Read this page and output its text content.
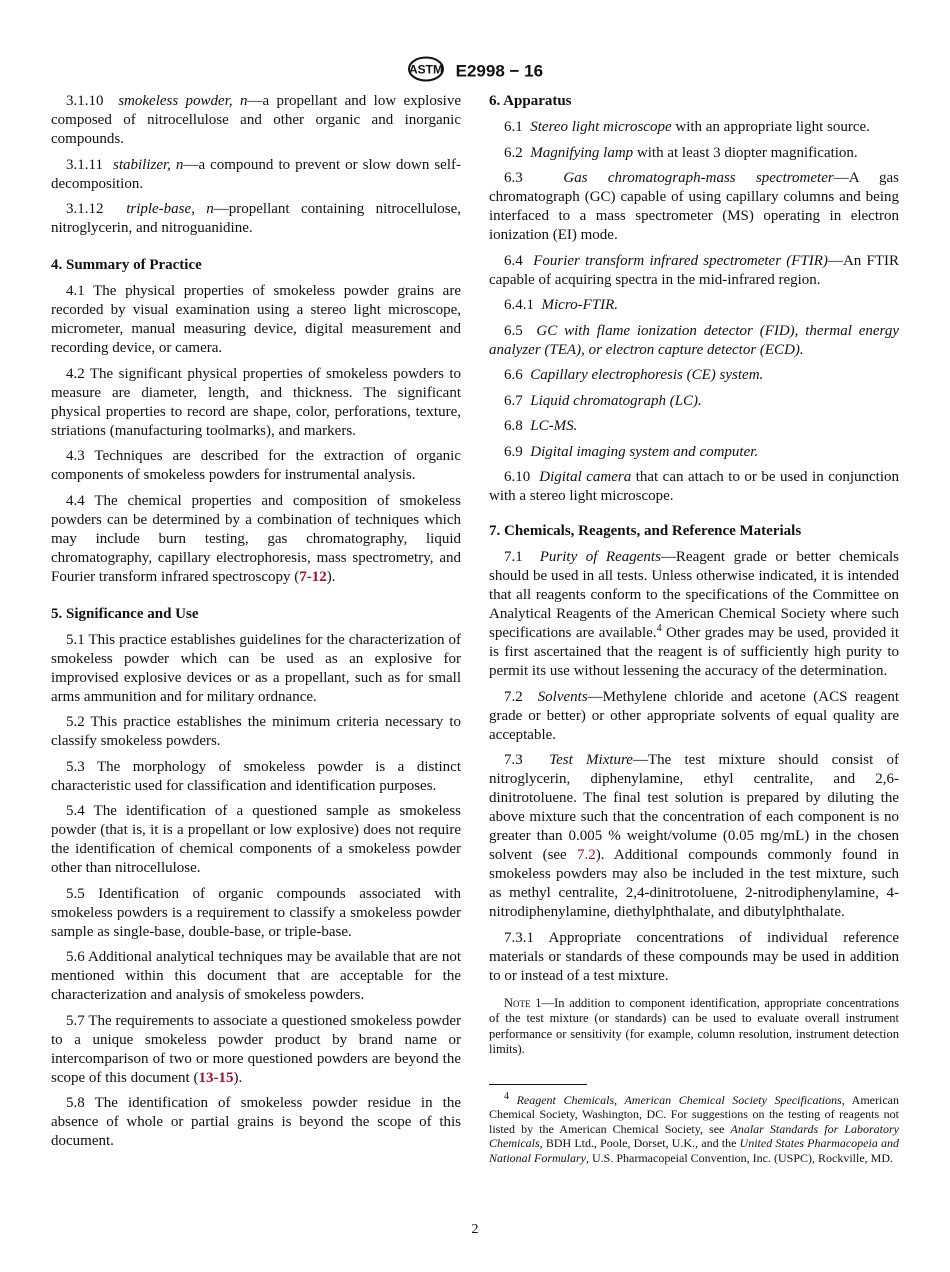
ASTM E2998 − 16

3.1.10 smokeless powder, n—a propellant and low explosive composed of nitrocellulose and other organic and inorganic compounds.

3.1.11 stabilizer, n—a compound to prevent or slow down self-decomposition.

3.1.12 triple-base, n—propellant containing nitrocellulose, nitroglycerin, and nitroguanidine.

4. Summary of Practice

4.1 The physical properties of smokeless powder grains are recorded by visual examination using a stereo light microscope, micrometer, manual measuring device, digital measurement and recording device, or camera.

4.2 The significant physical properties of smokeless powders to measure are diameter, length, and thickness. The significant physical properties to record are shape, color, perforations, texture, striations (manufacturing toolmarks), and markers.

4.3 Techniques are described for the extraction of organic components of smokeless powders for instrumental analysis.

4.4 The chemical properties and composition of smokeless powders can be determined by a combination of techniques which may include burn testing, gas chromatography, liquid chromatography, capillary electrophoresis, mass spectrometry, and Fourier transform infrared spectroscopy (7-12).

5. Significance and Use

5.1 This practice establishes guidelines for the characterization of smokeless powder which can be used as an explosive for improvised explosive devices or as a propellant, such as for small arms ammunition and for military ordnance.

5.2 This practice establishes the minimum criteria necessary to classify smokeless powders.

5.3 The morphology of smokeless powder is a distinct characteristic used for classification and identification purposes.

5.4 The identification of a questioned sample as smokeless powder (that is, it is a propellant or low explosive) does not require the identification of chemical components of a smokeless powder other than nitrocellulose.

5.5 Identification of organic compounds associated with smokeless powders is a requirement to classify a smokeless powder sample as single-base, double-base, or triple-base.

5.6 Additional analytical techniques may be available that are not mentioned within this document that are acceptable for the characterization and analysis of smokeless powders.

5.7 The requirements to associate a questioned smokeless powder to a unique smokeless powder product by brand name or intercomparison of two or more questioned powders are beyond the scope of this document (13-15).

5.8 The identification of smokeless powder residue in the absence of whole or partial grains is beyond the scope of this document.

6. Apparatus

6.1 Stereo light microscope with an appropriate light source.

6.2 Magnifying lamp with at least 3 diopter magnification.

6.3	Gas chromatograph-mass spectrometer—A gas chromatograph (GC) capable of using capillary columns and being interfaced to a mass spectrometer (MS) operating in electron ionization (EI) mode.

6.4 Fourier transform infrared spectrometer (FTIR)—An FTIR capable of acquiring spectra in the mid-infrared region.

6.4.1 Micro-FTIR.

6.5 GC with flame ionization detector (FID), thermal energy analyzer (TEA), or electron capture detector (ECD).

6.6 Capillary electrophoresis (CE) system.

6.7 Liquid chromatograph (LC).

6.8 LC-MS.

6.9 Digital imaging system and computer.

6.10 Digital camera that can attach to or be used in conjunction with a stereo light microscope.

7. Chemicals, Reagents, and Reference Materials

7.1 Purity of Reagents—Reagent grade or better chemicals should be used in all tests. Unless otherwise indicated, it is intended that all reagents conform to the specifications of the Committee on Analytical Reagents of the American Chemical Society where such specifications are available.$^4$ Other grades may be used, provided it is first ascertained that the reagent is of sufficiently high purity to permit its use without lessening the accuracy of the determination.

7.2 Solvents—Methylene chloride and acetone (ACS reagent grade or better) or other appropriate solvents of equal quality are acceptable.

7.3 Test Mixture—The test mixture should consist of nitroglycerin, diphenylamine, ethyl centralite, and 2,6-dinitrotoluene. The final test solution is prepared by diluting the above mixture such that the concentration of each component is no greater than 0.005 % weight/volume (0.05 mg/mL) in the chosen solvent (see 7.2). Additional compounds commonly found in smokeless powders may also be included in the test mixture, such as methyl centralite, 2,4-dinitrotoluene, 2-nitrodiphenylamine, 4-nitrodiphenylamine, diethylphthalate, and dibutylphthalate.

7.3.1 Appropriate concentrations of individual reference materials or standards of these compounds may be used in addition to or instead of a test mixture.

Note 1—In addition to component identification, appropriate concentrations of the test mixture (or standards) can be used to evaluate overall instrument performance or sensitivity (for example, column resolution, instrument detection limits).

$^4$ Reagent Chemicals, American Chemical Society Specifications, American Chemical Society, Washington, DC. For suggestions on the testing of reagents not listed by the American Chemical Society, see Analar Standards for Laboratory Chemicals, BDH Ltd., Poole, Dorset, U.K., and the United States Pharmacopeia and National Formulary, U.S. Pharmacopeial Convention, Inc. (USPC), Rockville, MD.

2
